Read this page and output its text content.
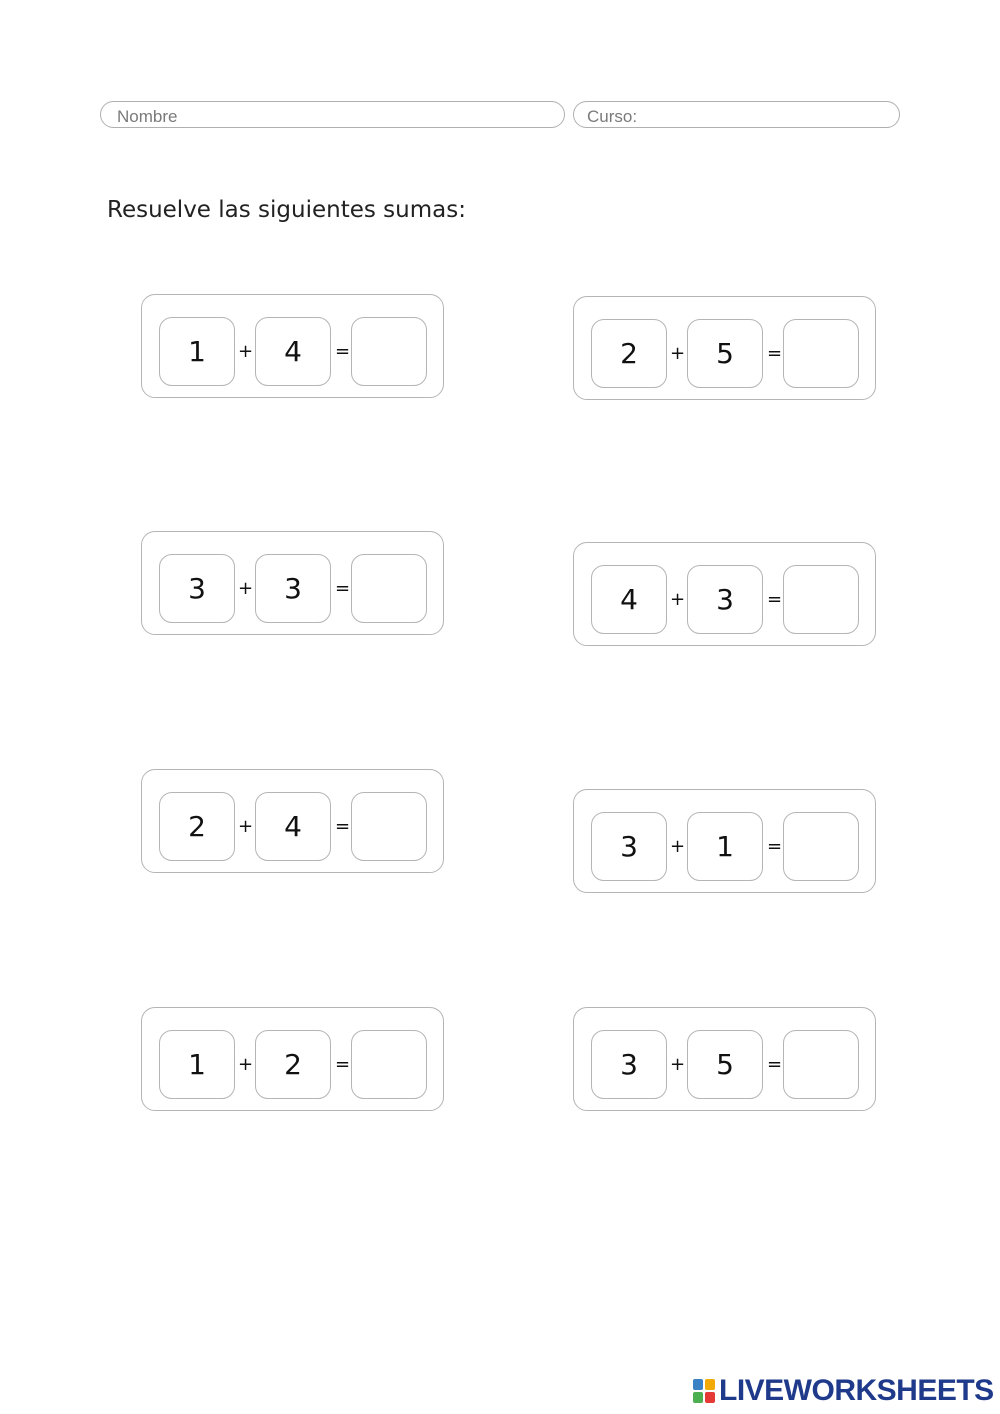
Nombre	Curso:
Resuelve las siguientes sumas:
1	+	4	=	2	+	5	=
3	+	3	=	4	+	3	=
2	+	4	=
3	+	1	=
1	+	2	=	3	+	5	=
LIVEWORKSHEETS
